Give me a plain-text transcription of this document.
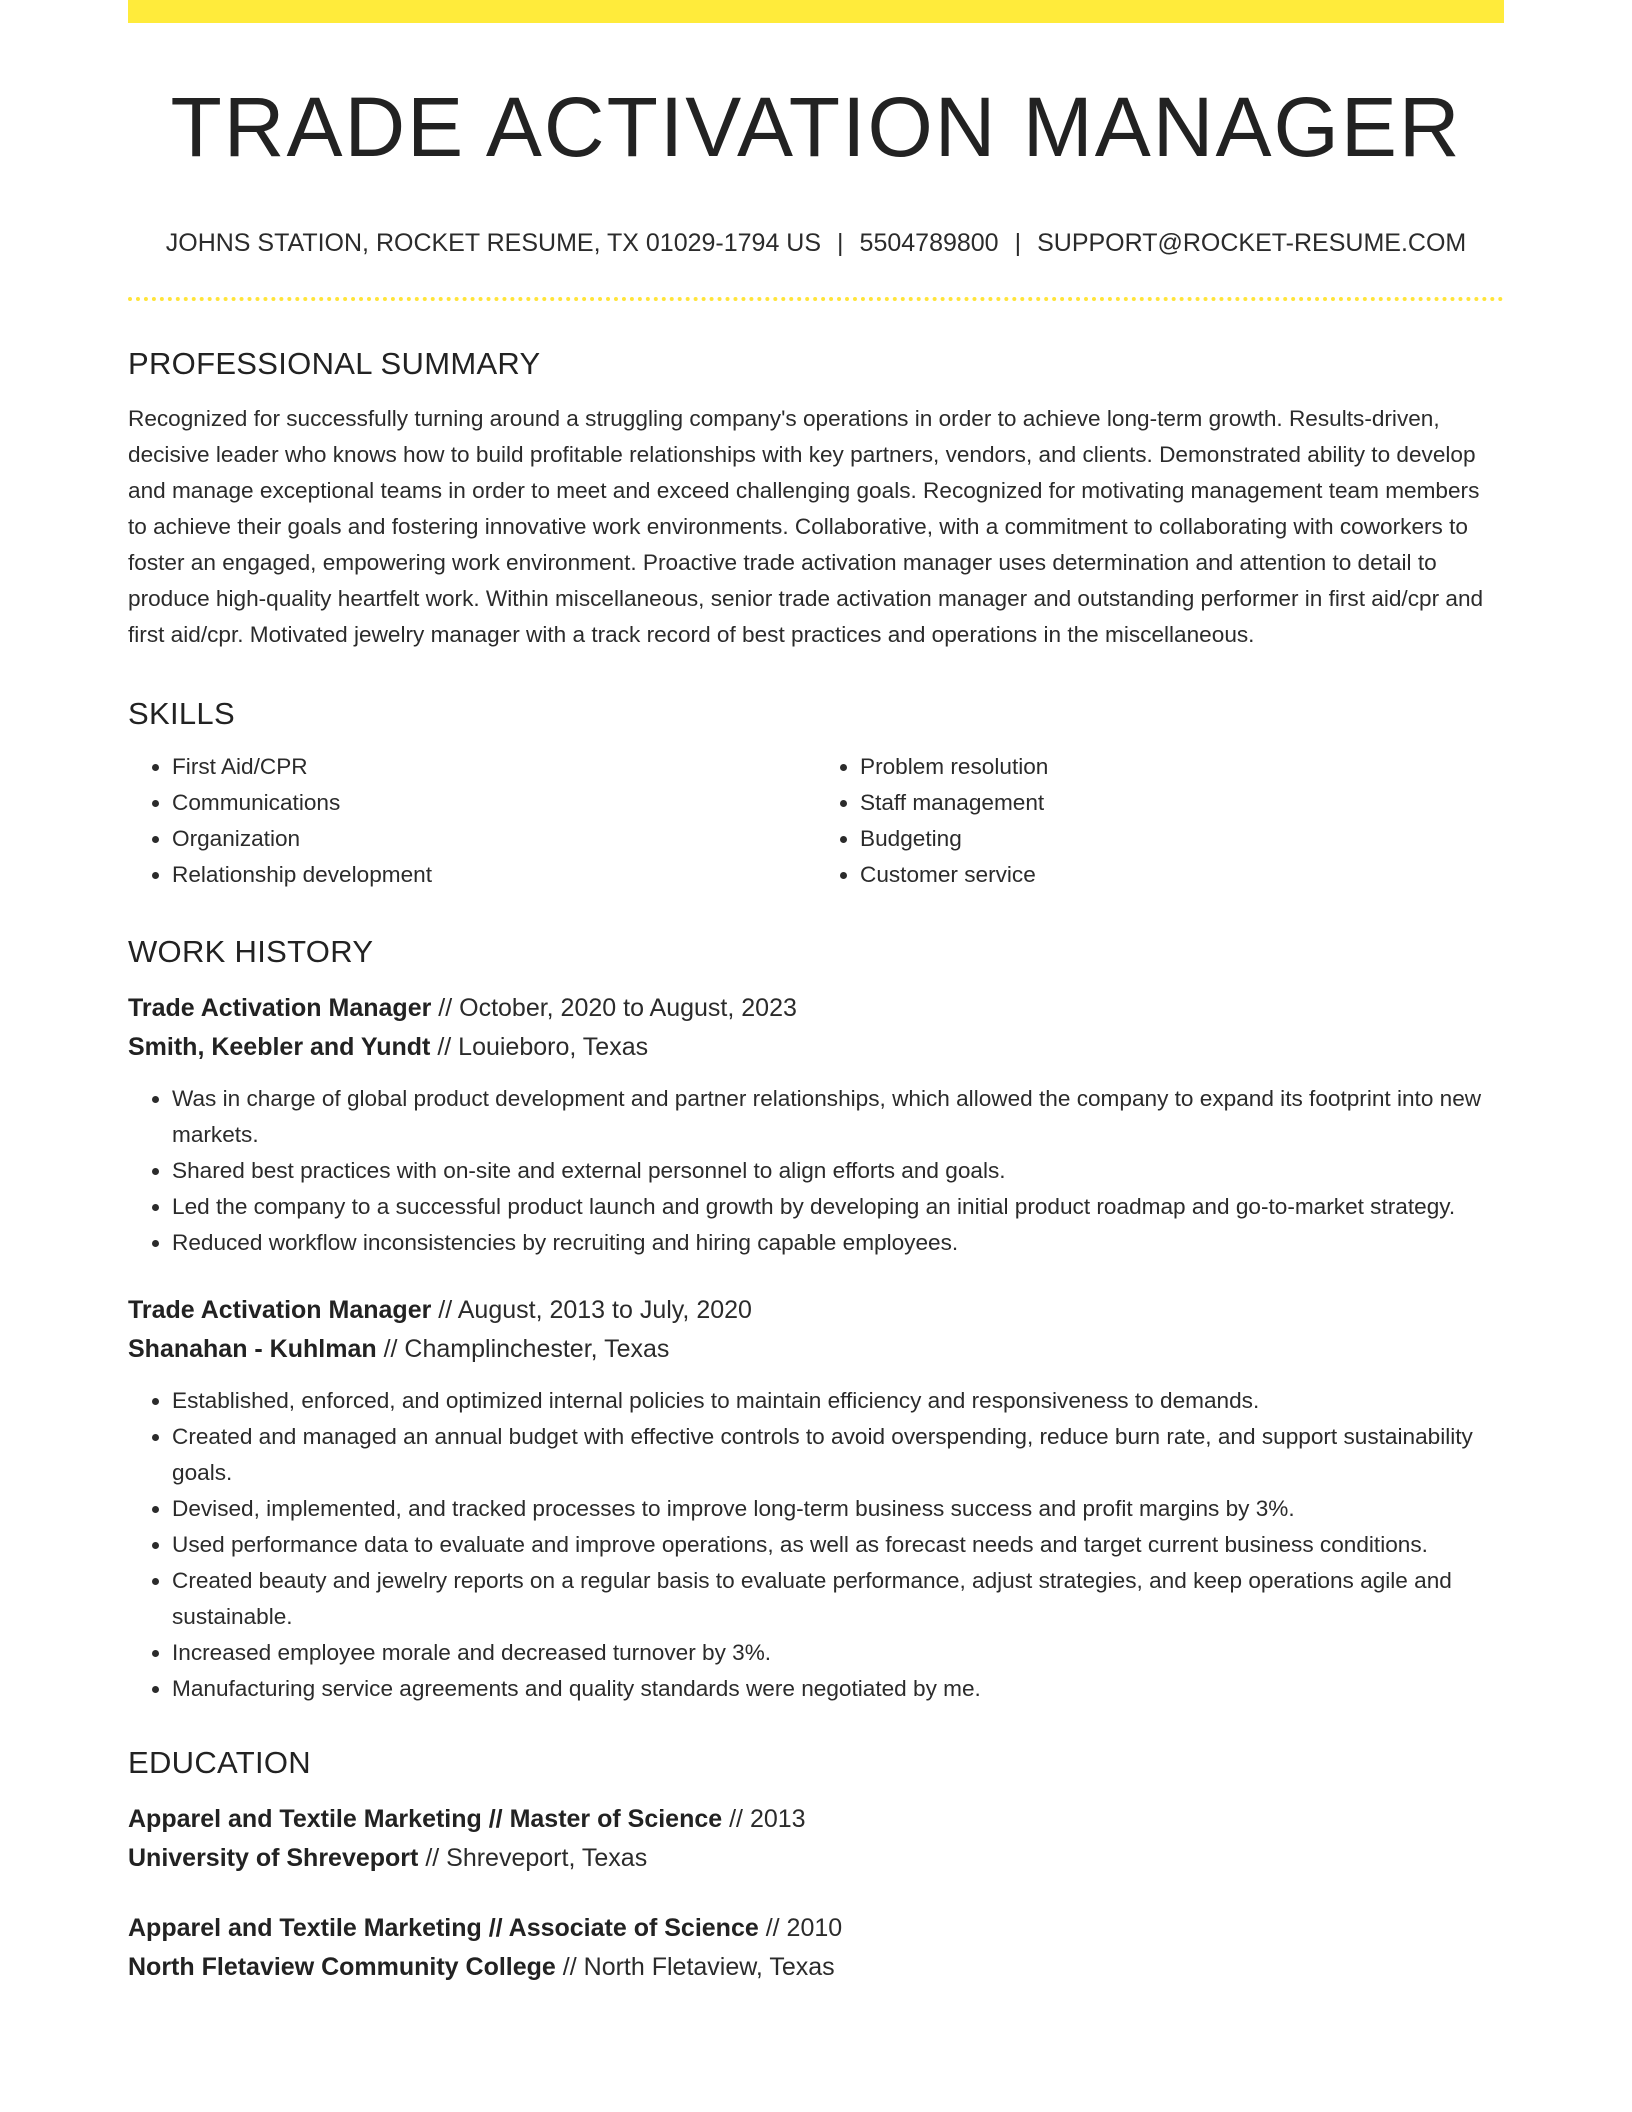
TRADE ACTIVATION MANAGER
JOHNS STATION, ROCKET RESUME, TX 01029-1794 US | 5504789800 | SUPPORT@ROCKET-RESUME.COM
PROFESSIONAL SUMMARY

Recognized for successfully turning around a struggling company's operations in order to achieve long-term growth. Results-driven, decisive leader who knows how to build profitable relationships with key partners, vendors, and clients. Demonstrated ability to develop and manage exceptional teams in order to meet and exceed challenging goals. Recognized for motivating management team members to achieve their goals and fostering innovative work environments. Collaborative, with a commitment to collaborating with coworkers to foster an engaged, empowering work environment. Proactive trade activation manager uses determination and attention to detail to produce high-quality heartfelt work. Within miscellaneous, senior trade activation manager and outstanding performer in first aid/cpr and first aid/cpr. Motivated jewelry manager with a track record of best practices and operations in the miscellaneous.

SKILLS
• First Aid/CPR
• Communications
• Organization
• Relationship development
• Problem resolution
• Staff management
• Budgeting
• Customer service
WORK HISTORY
Trade Activation Manager // October, 2020 to August, 2023
Smith, Keebler and Yundt // Louieboro, Texas
• Was in charge of global product development and partner relationships, which allowed the company to expand its footprint into new markets.
• Shared best practices with on-site and external personnel to align efforts and goals.
• Led the company to a successful product launch and growth by developing an initial product roadmap and go-to-market strategy.
• Reduced workflow inconsistencies by recruiting and hiring capable employees.
Trade Activation Manager // August, 2013 to July, 2020
Shanahan - Kuhlman // Champlinchester, Texas
• Established, enforced, and optimized internal policies to maintain efficiency and responsiveness to demands.
• Created and managed an annual budget with effective controls to avoid overspending, reduce burn rate, and support sustainability goals.
• Devised, implemented, and tracked processes to improve long-term business success and profit margins by 3%.
• Used performance data to evaluate and improve operations, as well as forecast needs and target current business conditions.
• Created beauty and jewelry reports on a regular basis to evaluate performance, adjust strategies, and keep operations agile and sustainable.
• Increased employee morale and decreased turnover by 3%.
• Manufacturing service agreements and quality standards were negotiated by me.
EDUCATION
Apparel and Textile Marketing // Master of Science // 2013
University of Shreveport // Shreveport, Texas
Apparel and Textile Marketing // Associate of Science // 2010
North Fletaview Community College // North Fletaview, Texas
